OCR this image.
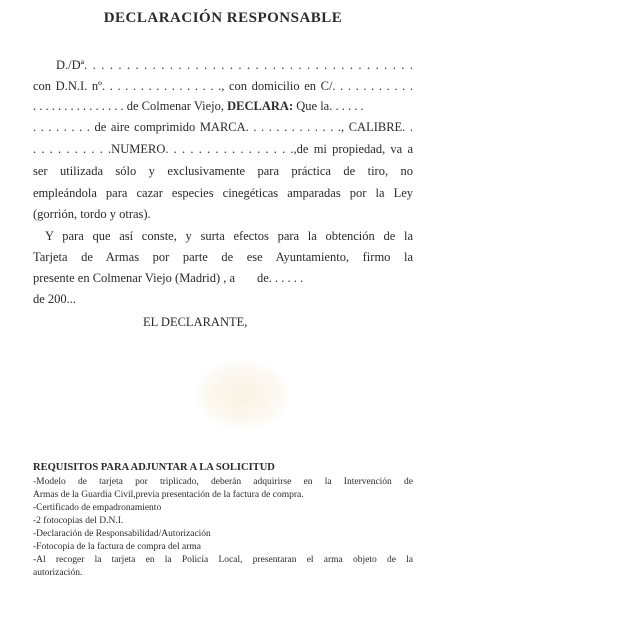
DECLARACIÓN RESPONSABLE
D./Dª. . . . . . . . . . . . . . . . . . . . . . . . . . . . . . . . . . . . . . .
con D.N.I. nº. . . . . . . . . . . . . . . ., con domicilio en C/. . . . . . . . . . .
. . . . . . . . . . . . . . . de Colmenar Viejo, DECLARA: Que la. . . . . .
. . . . . . . . de aire comprimido MARCA. . . . . . . . . . . . ., CALIBRE. .
. . . . . . . . . .NUMERO. . . . . . . . . . . . . . . .,de mi propiedad, va a
ser utilizada sólo y exclusivamente para práctica de tiro, no
empleándola para cazar especies cinegéticas amparadas por la Ley
(gorrión, tordo y otras).
Y para que así conste, y surta efectos para la obtención de la
Tarjeta de Armas por parte de ese Ayuntamiento, firmo la
presente en Colmenar Viejo (Madrid) , a       de. . . . . .
de 200...
EL DECLARANTE,
REQUISITOS PARA ADJUNTAR A LA SOLICITUD
-Modelo de tarjeta por triplicado, deberán adquirirse en la Intervención de
Armas de la Guardia Civil,previa presentación de la factura de compra.
-Certificado de empadronamiento
-2 fotocopias del D.N.I.
-Declaración de Responsabilidad/Autorización
-Fotocopia de la factura de compra del arma
-Al recoger la tarjeta en la Policía Local, presentaran el arma objeto de la
autorización.
